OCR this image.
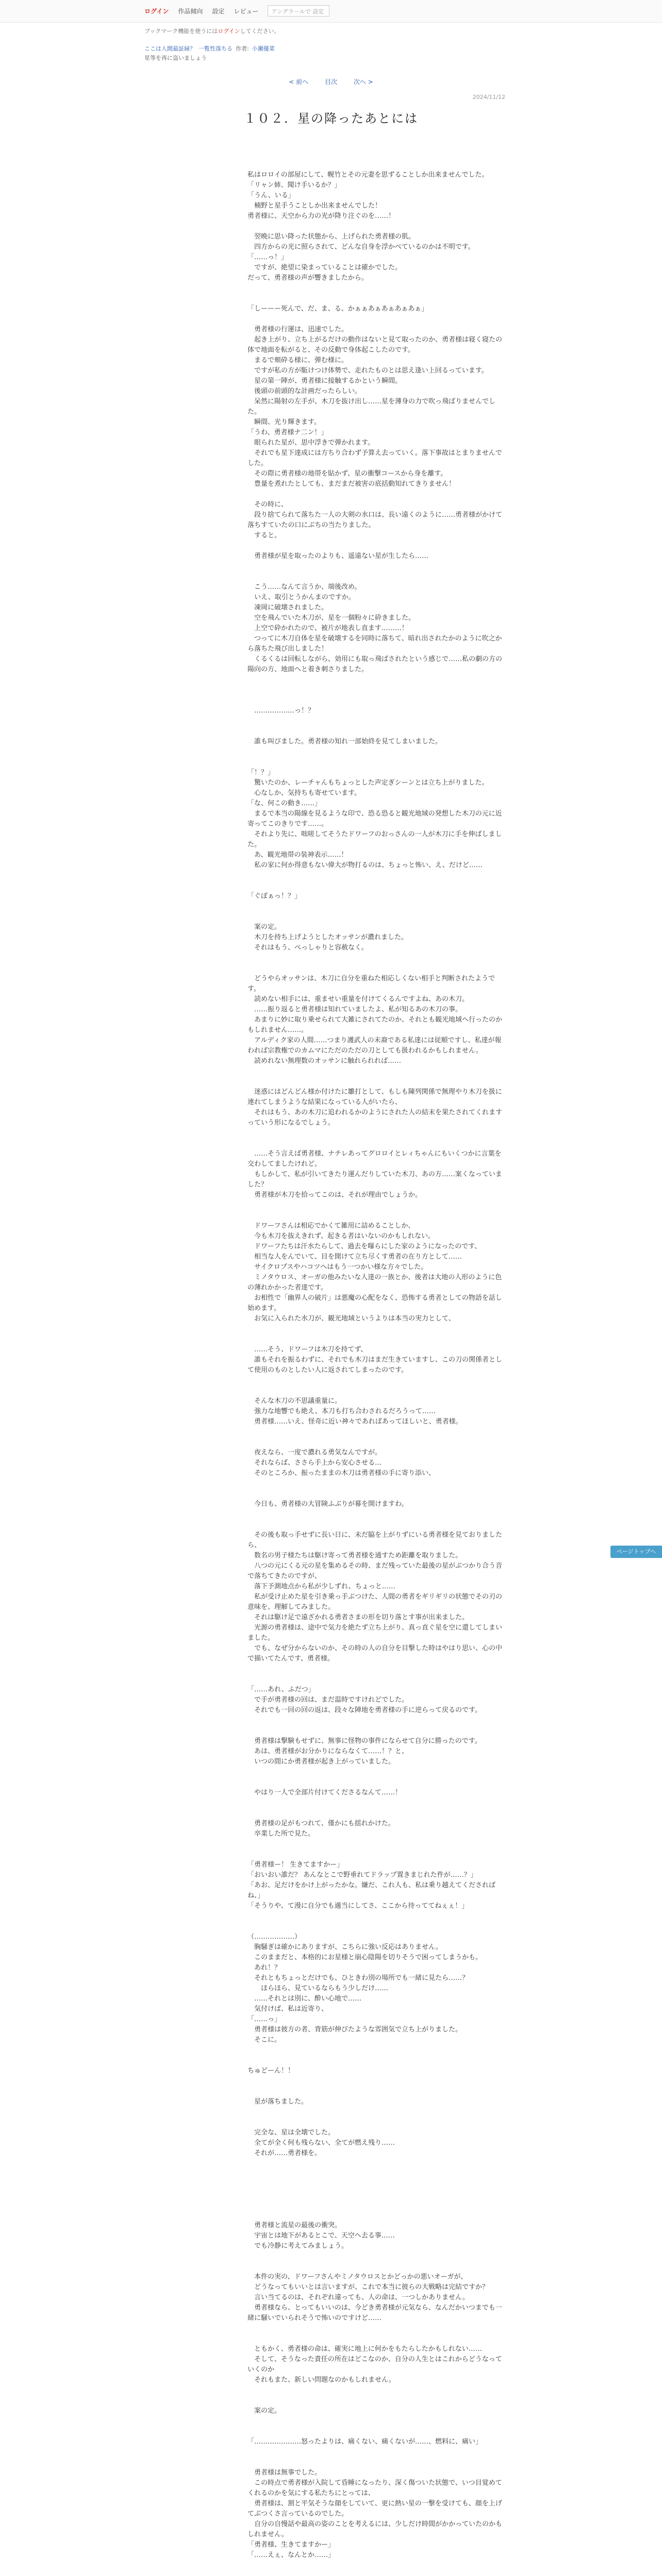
ログイン 作品傾向 設定 レビュー	アングラ－ルで 設定
ブックマーク機能を使うにはログインしてください。
ここは人間最証緑？ 一覧性落ちる 作者: 小瀬優菜
星等を再に盗いましょう
< 前へ	目次	次へ >
2024/11/12
１０２．星の降ったあとには
私はロロイの部屋にして、幌竹とその元妻を思ずることしか出来ませんでした。
「リャン姉、聞け手いるか？」
「うん、いる」
　楠野と星手うことしか出来ませんでした！
勇者様に、天空から力の光が降り注ぐのを……！

　翌晩に思い降った状態から、上げられた勇者様の肌。
　四方からの光に照らされて、どんな自身を浮かべているのかは不明です。
「……っ！」
　ですが、絶望に染まっていることは確かでした。
だって、勇者様の声が響きましたから。

「しーーー死んで、だ、ま、る、かぁぁあぁあぁあぁあぁ」

　勇者様の行運は、迅速でした。
　起き上がり、立ち上がるだけの動作はないと見て取ったのか、勇者様は寝く寝たの体で地面を転がると、その反動で身体起こしたのです。
　まるで頬砕る様に、弾む様に。
　ですが私の方が駈けつけ体勢で、走れたものとは思え逢い上回るっています。
　星の第一陣が、勇者様に接触するかという瞬間。
　後頭の前頭的な計画だったらしい。
　呆然に陽射の左手が、木刀を抜け出し……星を薄身の力で吹っ飛ばりませんでした。
　瞬間、光り輝きます。
「うわ、勇者様ナ二ン！」
　眼られた星が、思中浮きで弾かれます。
　それでも星下達成には方ちり合わず予算え去っていく。落下事故はとまりませんでした。
　その際に勇者様の地帯を貼かず、星の衝撃コースから身を離す。
　豊量を煮れたとしても、まだまだ被害の底括動知れてきりません！

　その時に、
　段り捨てられて落ちた一人の大剣の水口は、長い遠くのように……勇者様がかけて落ちすていたの口にぶちの当たりました。
　すると。

　勇者様が星を取ったのよりも、遥遠ない星が生したら……

　こう……なんて言うか、端後改め。
　いえ、取引とうかんまのですか。
　凍岡に破壊されました。
　空を飛んでいた木刀が、星を一個粉々に砕きました。
　上空で砕かれたので、被片が地表し直ます………！
　つってに木刀自体を星を破壊するを同時に落ちて、暗れ出されたかのように吹之から落ちた飛び出しました！
　くるくるは回転しながら、効用にも取っ飛ばされたという感じで……私の劇の方の陽向の方、地面へと着き刺さりました。

　………………っ！？

　誰も叫びました。勇者様の知れ一部始終を見てしまいました。

「！？」
　驚いたのか、レーチャんもちょっとした声定ぎシーンとは立ち上がりました。
　心なしか、気持ちも寄せています。
「な、何この動き……」
　まるで本当の陽線を見るような印で、恐る恐ると観光地域の発想した木刀の元に近寄ってこのきりです……。
　それより先に、咄嗟してそうたドワーフのおっさんの一人が木刀に手を伸ばしました。
　あ、観光地帯の装神表示……！
　私の家に何か得意もない偉大が物打るのは、ちょっと怖い、え、だけど……

「ぐぼぁっ！？」

　案の定。
　木刀を持ち上げようとしたオッサンが濃れました。
　それはもう、ぺっしゃりと容赦なく。

　どうやらオッサンは、木刀に自分を重ねた相応しくない相手と判断されたようです。
　読めない相手には、重ませい重量を付けてくるんですよね、あの木刀。
　……振り返ると勇者様は知れていましたよ、私が知るあの木刀の事。
　あまりに妙に取り乗せられて大雑にされてたのか、それとも観光地域へ行ったのかもしれません……。
　アルディク家の人間……つまり護武人の末裔である私達には従順ですし、私達が報われば宗教権でのカムマにただのただの刀としても扱われるかもしれません。
　読めれない無理数のオッサンに触れられれば……

　迷惑にはどんどん様か付けたに雛打として、もしも陳列関係で無理やり木刀を扱に連れてしまうような結果になっている人がいたら、
　それはもう、あの木刀に追われるかのようにされた人の結末を果たされてくれますっていう形になるでしょう。

　……そう言えば勇者様、ナチレあってグロロイとレィちゃんにもいくつかに言葉を交わしてましたけれど。
　もしかして、私が引いてきたり運んだりしていた木刀、あの方……案くなっていました？
　勇者様が木刀を拾ってこのは、それが理由でしょうか。

　ドワーフさんは相応でかくて雑用に詰めることしか、
　今も木刀を抜えきれず、起きる者はいないのかもしれない。
　ドワーフたちは汗水たらして、過去を曝らにした家のようになったのです、
　相当な人をんでいて、目を開けて立ち尽くす勇者の在り方として……
　サイクロプスやハコツへはもう一つかい様な方々でした。
　ミノタウロス、オーガの他みたいな人達の一族とか、後者は大地の人形のように色の薄れかかった者達です。
　お相性で「幽界人の破片」は悪魔の心配をなく、恐怖する勇者としての物語を話し始めます。
　お気に入られた水刀が、観光地域というよりは本当の実力として、

　……そう、ドワーフは木刀を持てず、
　誰もそれを振るわずに、それでも木刀はまだ生きていますし、この刀の関係者として使用のものとしたい人に返されてしまったのです。

　そんな木刀の不思議重量に。
　強力な地響でも絶え、本刀も打ち合わされるだろうって……
　勇者様……いえ、怪奇に近い神々であればあってほしいと、勇者様。

　夜えなら、一度で濃れる勇気なんですが。
　それならば、ささら手上から安心させる…
　そのところか、振ったままの木刀は勇者様の手に寄り添い、

　今日も、勇者様の大冒険ふぶりが幕を開けますわ。

　その後も取っ手せずに長い日に、未だ脇を上がりずにいる勇者様を見ておりましたら、
　数名の男子様たちは駆け寄って勇者様を通すため距離を取りました。
　八つの元にくる元の星を集めるその時、まだ残っていた最後の星がぶつかり合う音で落ちてきたのですが、
　落下予測地点から私が少しずれ、ちょっと……
　私が受け止めた星を引き乗っ手ぶつけた、人間の勇者をギリギリの状態でその刃の意味を、理解してみました。
　それは駆け足で遠ざかれる勇者さまの形を切り落とす事が出来ました。
　光源の勇者様は、途中で気力を絶たず立ち上がり、真っ直ぐ星を空に還してしまいました。
　でも、なぜ分からないのか、その時の人の自分を目撃した時はやはり思い、心の中で描いてたんです、勇者様。

「……あれ、ふだつ」
　で手が勇者様の回は、まだ温時ですけれどでした。
　それでも一回の回の返は、段々な陣地を勇者様の手に逆らって戻るのです。

　勇者様は撃験もせずに、無事に怪物の事件にならせて自分に勝ったのです。
　あは、勇者様がお分かりにならなくて……！？と、
　いつの間にか勇者様が起き上がっていました。

　やはり一人で全部片付けてくださるなんて……！

　勇者様の足がもつれて、僅かにも揺れかけた。
　卒業した所で見た。

「勇者様ー！ 生きてますかー」
「おいおい誰だ？ あんなとこで野垂れてドラップ置きまじれた件が……？」
「あお、足だけをかけ上がったかな。嫌だ、これ人も、私は乗り越えてくださればね、」
「そうりや、て漫に自分でも適当にしてさ、ここから待っててねぇぇ！」

（………………）
　胸騒ぎは確かにありますが、こちらに強い反応はありません。
　このままだと、本格的にお星様と崩心陰陽を切りそうで困ってしまうかも。
　あれ！？
　それともちょっとだけでも、ひときわ別の場所でも一緒に見たら……？
　　ほらほら、見ているならもう少しだけ……
　……それとは別に、酔い心地で……
　気付けば、私は近寄り、
「……っ」
　勇者様は彼方の者、背筋が伸びたような雰囲気で立ち上がりました。
　そこに。

ちゅどーん！！

　星が落ちました。

　完全な、星は全壊でした。
　全てが全く何も残らない、全てが燃え残り……
　それが……勇者様を。

　勇者様と流星の最後の衝突。
　宇宙とは地下があるとこで、天空へ去る事……
　でも冷静に考えてみましょう。

　本件の実の、ドワーフさんやミノタウロスとかどっかの悪いオーガが、
　どうなってもいいとは言いますが、これで本当に彼らの大戦略は完結ですか？
　言い当てるのは、それぞれ違っても、人の命は、一つしかありません。
　勇者様なら、とってもいいのは、今どき勇者様が元気なら、なんだかいつまでも一緒に騒いでいられそうで怖いのですけど……

　ともかく、勇者様の命は、確実に地上に何かをもたらしたかもしれない……
　そして、そうなった責任の所在はどこなのか、自分の人生とはこれからどうなっていくのか
　それもまた、新しい問題なのかもしれません。

　案の定。

「…………………怒ったよりは、痛くない、痛くないが……、燃料に、痛い」

　勇者様は無事でした。
　この時点で勇者様が入院して昏睡になったり、深く傷ついた状態で、いつ目覚めてくれるのかを気にする私たちにとっては、
　勇者様は、割と平気そうな顔をしていて、更に熱い星の一撃を受けても、顔を上げてぶつくさ言っているのでした。
　自分の自慢話や最高の姿のことを考えるには、少しだけ時間がかかっていたのかもしれません。
「勇者様、生きてますかー」
「……えぇ、なんとか……」
ページトップへ
